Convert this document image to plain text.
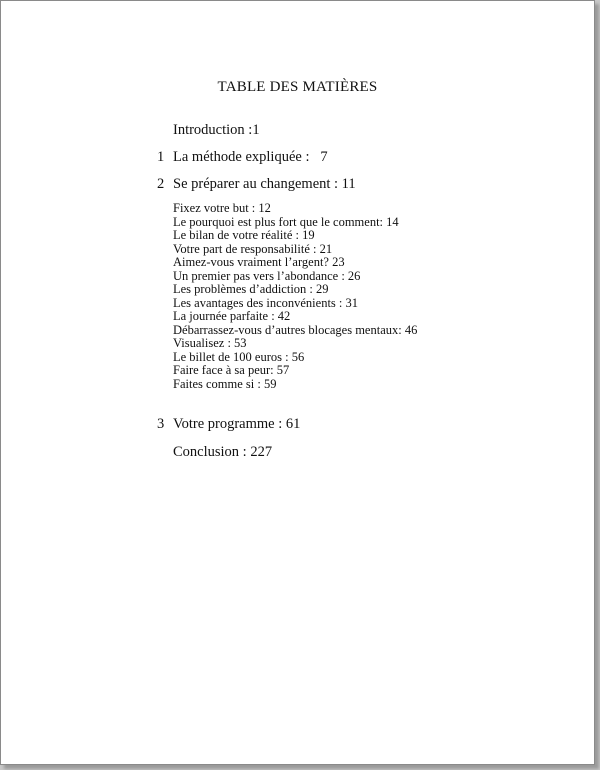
TABLE DES MATIÈRES
Introduction :1
1 La méthode expliquée :   7
2 Se préparer au changement : 11
Fixez votre but : 12
Le pourquoi est plus fort que le comment: 14
Le bilan de votre réalité : 19
Votre part de responsabilité : 21
Aimez-vous vraiment l’argent? 23
Un premier pas vers l’abondance : 26
Les problèmes d’addiction : 29
Les avantages des inconvénients : 31
La journée parfaite : 42
Débarrassez-vous d’autres blocages mentaux: 46
Visualisez : 53
Le billet de 100 euros : 56
Faire face à sa peur: 57
Faites comme si : 59
3 Votre programme : 61
Conclusion : 227
